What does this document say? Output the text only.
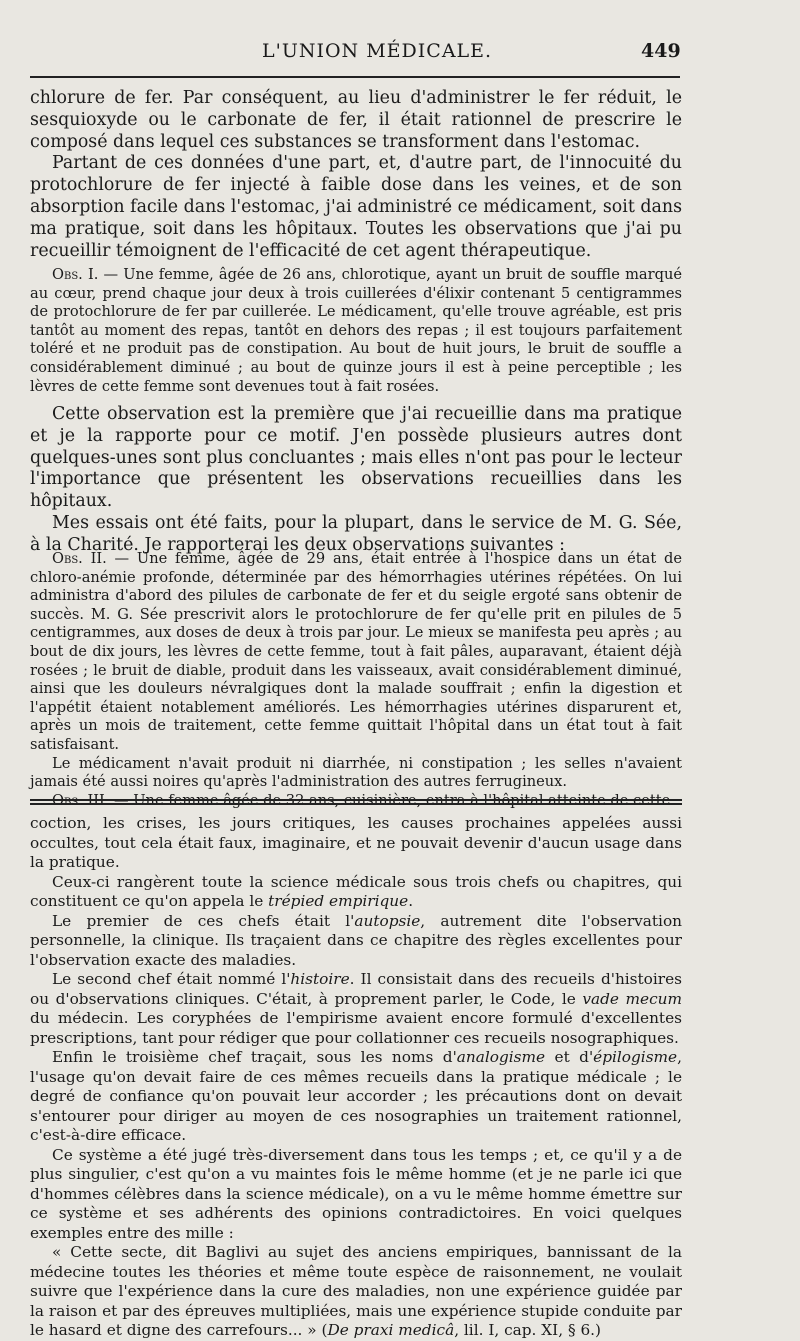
L'UNION MÉDICALE.	449

chlorure de fer. Par conséquent, au lieu d'administrer le fer réduit, le sesquioxyde ou le carbonate de fer, il était rationnel de prescrire le composé dans lequel ces substances se transforment dans l'estomac.

Partant de ces données d'une part, et, d'autre part, de l'innocuité du protochlorure de fer injecté à faible dose dans les veines, et de son absorption facile dans l'estomac, j'ai administré ce médicament, soit dans ma pratique, soit dans les hôpitaux. Toutes les observations que j'ai pu recueillir témoignent de l'efficacité de cet agent thérapeutique.

Obs. I. — Une femme, âgée de 26 ans, chlorotique, ayant un bruit de souffle marqué au cœur, prend chaque jour deux à trois cuillerées d'élixir contenant 5 centigrammes de protochlorure de fer par cuillerée. Le médicament, qu'elle trouve agréable, est pris tantôt au moment des repas, tantôt en dehors des repas ; il est toujours parfaitement toléré et ne produit pas de constipation. Au bout de huit jours, le bruit de souffle a considérablement diminué ; au bout de quinze jours il est à peine perceptible ; les lèvres de cette femme sont devenues tout à fait rosées.

Cette observation est la première que j'ai recueillie dans ma pratique et je la rapporte pour ce motif. J'en possède plusieurs autres dont quelques-unes sont plus concluantes ; mais elles n'ont pas pour le lecteur l'importance que présentent les observations recueillies dans les hôpitaux.

Mes essais ont été faits, pour la plupart, dans le service de M. G. Sée, à la Charité. Je rapporterai les deux observations suivantes :

Obs. II. — Une femme, âgée de 29 ans, était entrée à l'hospice dans un état de chloro-anémie profonde, déterminée par des hémorrhagies utérines répétées. On lui administra d'abord des pilules de carbonate de fer et du seigle ergoté sans obtenir de succès. M. G. Sée prescrivit alors le protochlorure de fer qu'elle prit en pilules de 5 centigrammes, aux doses de deux à trois par jour. Le mieux se manifesta peu après ; au bout de dix jours, les lèvres de cette femme, tout à fait pâles, auparavant, étaient déjà rosées ; le bruit de diable, produit dans les vaisseaux, avait considérablement diminué, ainsi que les douleurs névralgiques dont la malade souffrait ; enfin la digestion et l'appétit étaient notablement améliorés. Les hémorrhagies utérines disparurent et, après un mois de traitement, cette femme quittait l'hôpital dans un état tout à fait satisfaisant.

Le médicament n'avait produit ni diarrhée, ni constipation ; les selles n'avaient jamais été aussi noires qu'après l'administration des autres ferrugineux.

Obs. III. — Une femme âgée de 32 ans, cuisinière, entra à l'hôpital atteinte de cette

coction, les crises, les jours critiques, les causes prochaines appelées aussi occultes, tout cela était faux, imaginaire, et ne pouvait devenir d'aucun usage dans la pratique.

Ceux-ci rangèrent toute la science médicale sous trois chefs ou chapitres, qui constituent ce qu'on appela le trépied empirique.

Le premier de ces chefs était l'autopsie, autrement dite l'observation personnelle, la clinique. Ils traçaient dans ce chapitre des règles excellentes pour l'observation exacte des maladies.

Le second chef était nommé l'histoire. Il consistait dans des recueils d'histoires ou d'observations cliniques. C'était, à proprement parler, le Code, le vade mecum du médecin. Les coryphées de l'empirisme avaient encore formulé d'excellentes prescriptions, tant pour rédiger que pour collationner ces recueils nosographiques.

Enfin le troisième chef traçait, sous les noms d'analogisme et d'épilogisme, l'usage qu'on devait faire de ces mêmes recueils dans la pratique médicale ; le degré de confiance qu'on pouvait leur accorder ; les précautions dont on devait s'entourer pour diriger au moyen de ces nosographies un traitement rationnel, c'est-à-dire efficace.

Ce système a été jugé très-diversement dans tous les temps ; et, ce qu'il y a de plus singulier, c'est qu'on a vu maintes fois le même homme (et je ne parle ici que d'hommes célèbres dans la science médicale), on a vu le même homme émettre sur ce système et ses adhérents des opinions contradictoires. En voici quelques exemples entre des mille :

« Cette secte, dit Baglivi au sujet des anciens empiriques, bannissant de la médecine toutes les théories et même toute espèce de raisonnement, ne voulait suivre que l'expérience dans la cure des maladies, non une expérience guidée par la raison et par des épreuves multipliées, mais une expérience stupide conduite par le hasard et digne des carrefours... » (De praxi medicâ, lil. I, cap. XI, § 6.)
